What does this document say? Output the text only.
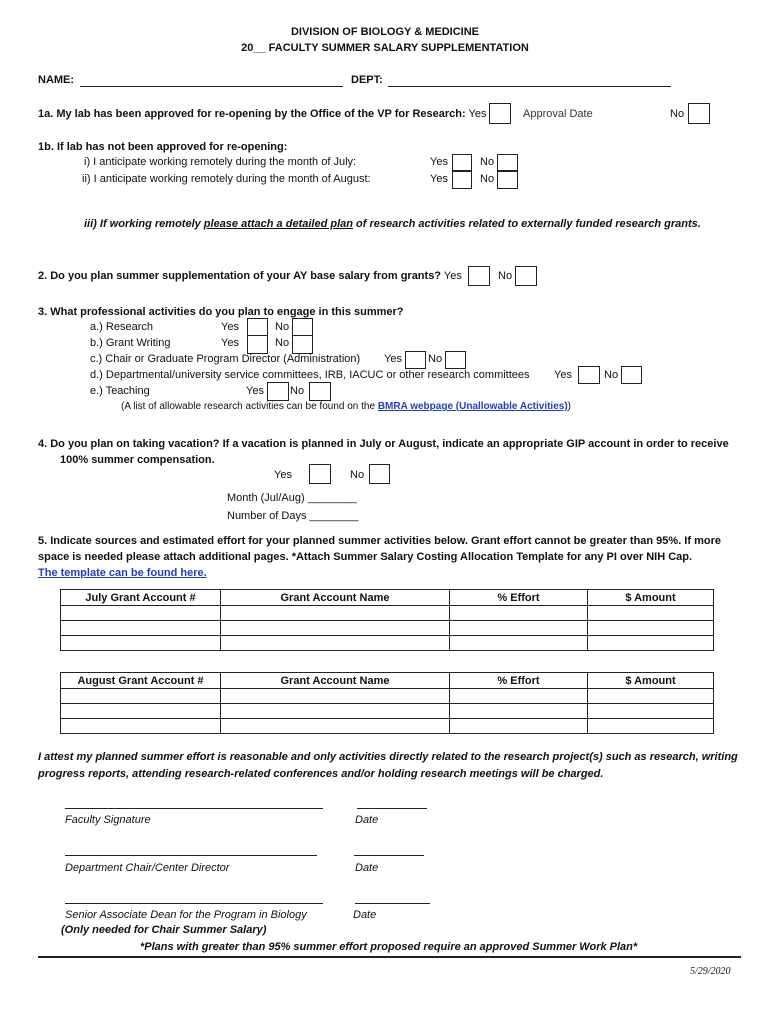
DIVISION OF BIOLOGY & MEDICINE
20__ FACULTY SUMMER SALARY SUPPLEMENTATION
NAME:	DEPT:
1a. My lab has been approved for re-opening by the Office of the VP for Research: Yes	Approval Date	No
1b. If lab has not been approved for re-opening:
i) I anticipate working remotely during the month of July:	Yes	No
ii) I anticipate working remotely during the month of August:	Yes	No
iii) If working remotely please attach a detailed plan of research activities related to externally funded research grants.
2. Do you plan summer supplementation of your AY base salary from grants? Yes	No
3. What professional activities do you plan to engage in this summer?
a.) Research	Yes	No
b.) Grant Writing	Yes	No
c.) Chair or Graduate Program Director (Administration) Yes No
d.) Departmental/university service committees, IRB, IACUC or other research committees Yes	No
e.) Teaching	Yes No
(A list of allowable research activities can be found on the BMRA webpage (Unallowable Activities))
4. Do you plan on taking vacation? If a vacation is planned in July or August, indicate an appropriate GIP account in order to receive
100% summer compensation.
Yes	No
Month (Jul/Aug) ________
Number of Days ________
5. Indicate sources and estimated effort for your planned summer activities below. Grant effort cannot be greater than 95%. If more
space is needed please attach additional pages. *Attach Summer Salary Costing Allocation Template for any PI over NIH Cap.
The template can be found here.
July Grant Account #	Grant Account Name	% Effort	$ Amount

August Grant Account #	Grant Account Name	% Effort	$ Amount

I attest my planned summer effort is reasonable and only activities directly related to the research project(s) such as research, writing
progress reports, attending research-related conferences and/or holding research meetings will be charged.
Faculty Signature	Date
Department Chair/Center Director	Date
Senior Associate Dean for the Program in Biology	Date
(Only needed for Chair Summer Salary)
*Plans with greater than 95% summer effort proposed require an approved Summer Work Plan*
5/29/2020
